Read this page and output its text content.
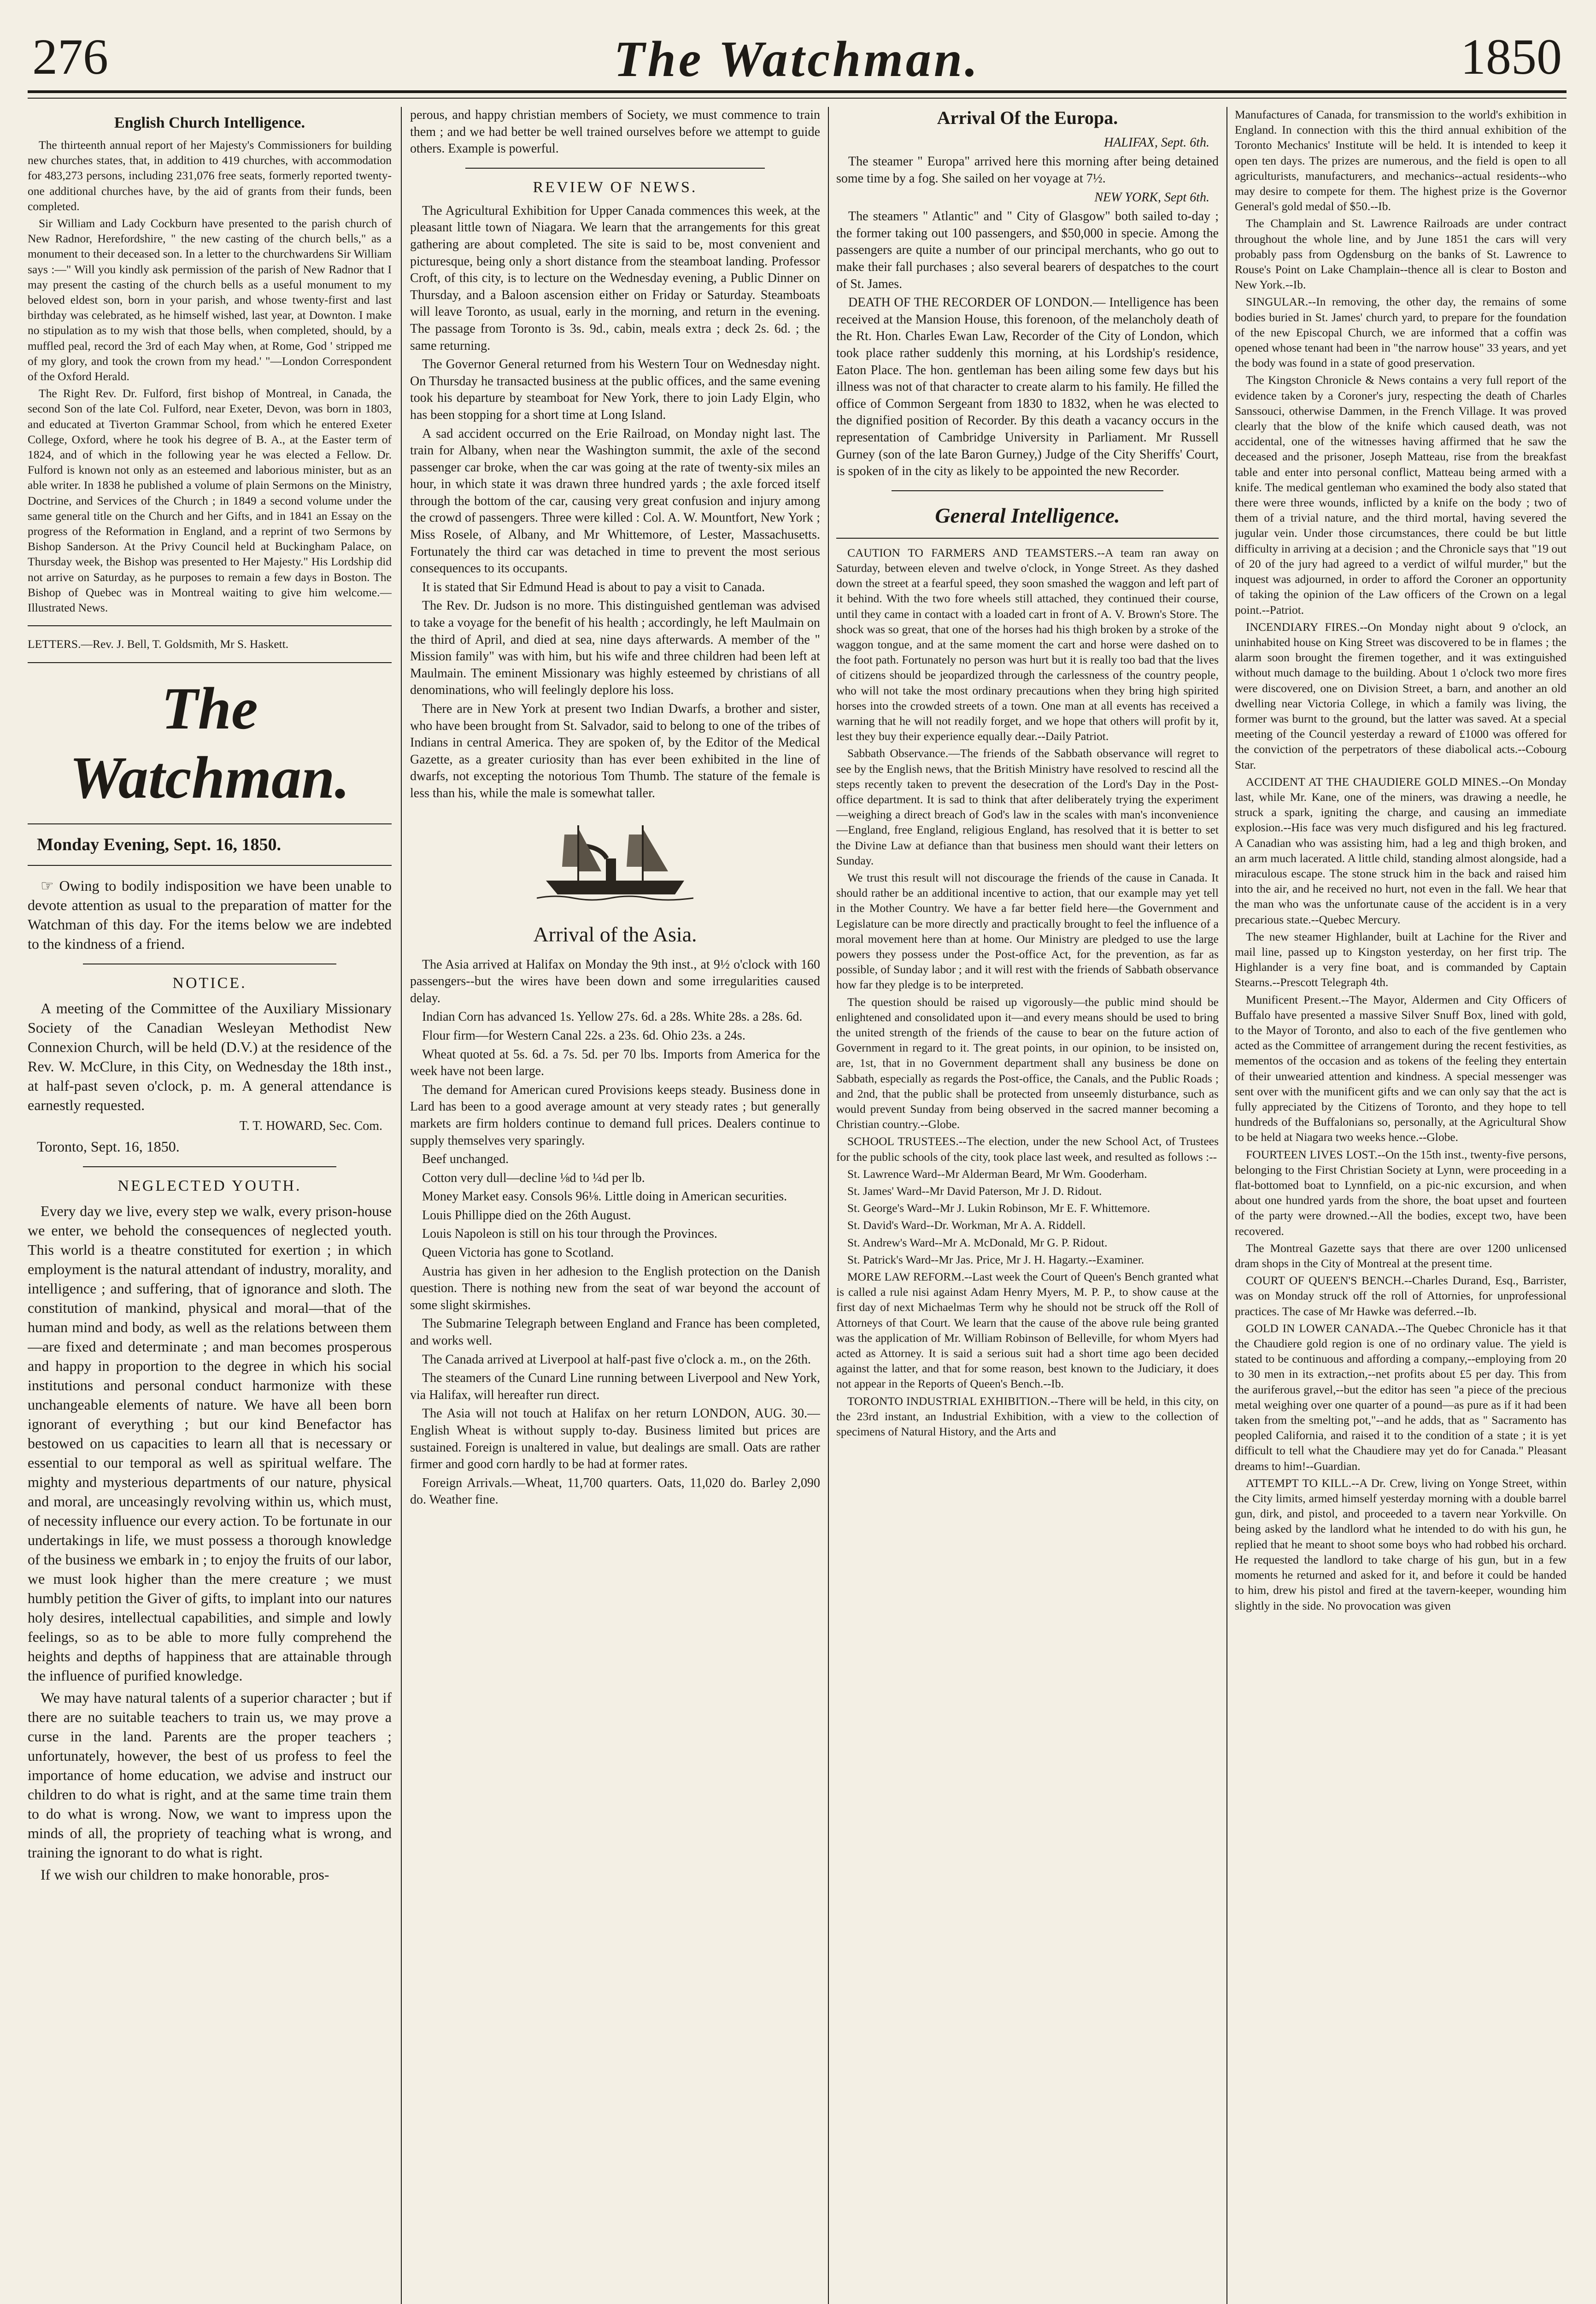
276	The Watchman.	1850
English Church Intelligence.

The thirteenth annual report of her Majesty's Commissioners for building new churches states, that, in addition to 419 churches, with accommodation for 483,273 persons, including 231,076 free seats, formerly reported twenty-one additional churches have, by the aid of grants from their funds, been completed.

Sir William and Lady Cockburn have presented to the parish church of New Radnor, Herefordshire, " the new casting of the church bells," as a monument to their deceased son. In a letter to the churchwardens Sir William says :—" Will you kindly ask permission of the parish of New Radnor that I may present the casting of the church bells as a useful monument to my beloved eldest son, born in your parish, and whose twenty-first and last birthday was celebrated, as he himself wished, last year, at Downton. I make no stipulation as to my wish that those bells, when completed, should, by a muffled peal, record the 3rd of each May when, at Rome, God ' stripped me of my glory, and took the crown from my head.' "—London Correspondent of the Oxford Herald.

The Right Rev. Dr. Fulford, first bishop of Montreal, in Canada, the second Son of the late Col. Fulford, near Exeter, Devon, was born in 1803, and educated at Tiverton Grammar School, from which he entered Exeter College, Oxford, where he took his degree of B. A., at the Easter term of 1824, and of which in the following year he was elected a Fellow. Dr. Fulford is known not only as an esteemed and laborious minister, but as an able writer. In 1838 he published a volume of plain Sermons on the Ministry, Doctrine, and Services of the Church ; in 1849 a second volume under the same general title on the Church and her Gifts, and in 1841 an Essay on the progress of the Reformation in England, and a reprint of two Sermons by Bishop Sanderson. At the Privy Council held at Buckingham Palace, on Thursday week, the Bishop was presented to Her Majesty." His Lordship did not arrive on Saturday, as he purposes to remain a few days in Boston. The Bishop of Quebec was in Montreal waiting to give him welcome.—Illustrated News.

LETTERS.—Rev. J. Bell, T. Goldsmith, Mr S. Haskett.

The Watchman.
Monday Evening, Sept. 16, 1850.

☞ Owing to bodily indisposition we have been unable to devote attention as usual to the preparation of matter for the Watchman of this day. For the items below we are indebted to the kindness of a friend.

NOTICE.

A meeting of the Committee of the Auxiliary Missionary Society of the Canadian Wesleyan Methodist New Connexion Church, will be held (D.V.) at the residence of the Rev. W. McClure, in this City, on Wednesday the 18th inst., at half-past seven o'clock, p. m. A general attendance is earnestly requested.

T. T. HOWARD, Sec. Com.

Toronto, Sept. 16, 1850.

NEGLECTED YOUTH.

Every day we live, every step we walk, every prison-house we enter, we behold the consequences of neglected youth. This world is a theatre constituted for exertion ; in which employment is the natural attendant of industry, morality, and intelligence ; and suffering, that of ignorance and sloth. The constitution of mankind, physical and moral—that of the human mind and body, as well as the relations between them—are fixed and determinate ; and man becomes prosperous and happy in proportion to the degree in which his social institutions and personal conduct harmonize with these unchangeable elements of nature. We have all been born ignorant of everything ; but our kind Benefactor has bestowed on us capacities to learn all that is necessary or essential to our temporal as well as spiritual welfare. The mighty and mysterious departments of our nature, physical and moral, are unceasingly revolving within us, which must, of necessity influence our every action. To be fortunate in our undertakings in life, we must possess a thorough knowledge of the business we embark in ; to enjoy the fruits of our labor, we must look higher than the mere creature ; we must humbly petition the Giver of gifts, to implant into our natures holy desires, intellectual capabilities, and simple and lowly feelings, so as to be able to more fully comprehend the heights and depths of happiness that are attainable through the influence of purified knowledge.

We may have natural talents of a superior character ; but if there are no suitable teachers to train us, we may prove a curse in the land. Parents are the proper teachers ; unfortunately, however, the best of us profess to feel the importance of home education, we advise and instruct our children to do what is right, and at the same time train them to do what is wrong. Now, we want to impress upon the minds of all, the propriety of teaching what is wrong, and training the ignorant to do what is right.

If we wish our children to make honorable, pros-

perous, and happy christian members of Society, we must commence to train them ; and we had better be well trained ourselves before we attempt to guide others. Example is powerful.

REVIEW OF NEWS.

The Agricultural Exhibition for Upper Canada commences this week, at the pleasant little town of Niagara. We learn that the arrangements for this great gathering are about completed. The site is said to be, most convenient and picturesque, being only a short distance from the steamboat landing. Professor Croft, of this city, is to lecture on the Wednesday evening, a Public Dinner on Thursday, and a Baloon ascension either on Friday or Saturday. Steamboats will leave Toronto, as usual, early in the morning, and return in the evening. The passage from Toronto is 3s. 9d., cabin, meals extra ; deck 2s. 6d. ; the same returning.

The Governor General returned from his Western Tour on Wednesday night. On Thursday he transacted business at the public offices, and the same evening took his departure by steamboat for New York, there to join Lady Elgin, who has been stopping for a short time at Long Island.

A sad accident occurred on the Erie Railroad, on Monday night last. The train for Albany, when near the Washington summit, the axle of the second passenger car broke, when the car was going at the rate of twenty-six miles an hour, in which state it was drawn three hundred yards ; the axle forced itself through the bottom of the car, causing very great confusion and injury among the crowd of passengers. Three were killed : Col. A. W. Mountfort, New York ; Miss Rosele, of Albany, and Mr Whittemore, of Lester, Massachusetts. Fortunately the third car was detached in time to prevent the most serious consequences to its occupants.

It is stated that Sir Edmund Head is about to pay a visit to Canada.

The Rev. Dr. Judson is no more. This distinguished gentleman was advised to take a voyage for the benefit of his health ; accordingly, he left Maulmain on the third of April, and died at sea, nine days afterwards. A member of the " Mission family" was with him, but his wife and three children had been left at Maulmain. The eminent Missionary was highly esteemed by christians of all denominations, who will feelingly deplore his loss.

There are in New York at present two Indian Dwarfs, a brother and sister, who have been brought from St. Salvador, said to belong to one of the tribes of Indians in central America. They are spoken of, by the Editor of the Medical Gazette, as a greater curiosity than has ever been exhibited in the line of dwarfs, not excepting the notorious Tom Thumb. The stature of the female is less than his, while the male is somewhat taller.

Arrival of the Asia.

The Asia arrived at Halifax on Monday the 9th inst., at 9½ o'clock with 160 passengers--but the wires have been down and some irregularities caused delay.

Indian Corn has advanced 1s. Yellow 27s. 6d. a 28s. White 28s. a 28s. 6d.

Flour firm—for Western Canal 22s. a 23s. 6d. Ohio 23s. a 24s.

Wheat quoted at 5s. 6d. a 7s. 5d. per 70 lbs. Imports from America for the week have not been large.

The demand for American cured Provisions keeps steady. Business done in Lard has been to a good average amount at very steady rates ; but generally markets are firm holders continue to demand full prices. Dealers continue to supply themselves very sparingly.

Beef unchanged.

Cotton very dull—decline ⅛d to ¼d per lb.

Money Market easy. Consols 96⅛. Little doing in American securities.

Louis Phillippe died on the 26th August.

Louis Napoleon is still on his tour through the Provinces.

Queen Victoria has gone to Scotland.

Austria has given in her adhesion to the English protection on the Danish question. There is nothing new from the seat of war beyond the account of some slight skirmishes.

The Submarine Telegraph between England and France has been completed, and works well.

The Canada arrived at Liverpool at half-past five o'clock a. m., on the 26th.

The steamers of the Cunard Line running between Liverpool and New York, via Halifax, will hereafter run direct.

The Asia will not touch at Halifax on her return LONDON, AUG. 30.—English Wheat is without supply to-day. Business limited but prices are sustained. Foreign is unaltered in value, but dealings are small. Oats are rather firmer and good corn hardly to be had at former rates.

Foreign Arrivals.—Wheat, 11,700 quarters. Oats, 11,020 do. Barley 2,090 do. Weather fine.

Arrival Of the Europa.
HALIFAX, Sept. 6th.

The steamer " Europa" arrived here this morning after being detained some time by a fog. She sailed on her voyage at 7½.

NEW YORK, Sept 6th.

The steamers " Atlantic" and " City of Glasgow" both sailed to-day ; the former taking out 100 passengers, and $50,000 in specie. Among the passengers are quite a number of our principal merchants, who go out to make their fall purchases ; also several bearers of despatches to the court of St. James.

DEATH OF THE RECORDER OF LONDON.— Intelligence has been received at the Mansion House, this forenoon, of the melancholy death of the Rt. Hon. Charles Ewan Law, Recorder of the City of London, which took place rather suddenly this morning, at his Lordship's residence, Eaton Place. The hon. gentleman has been ailing some few days but his illness was not of that character to create alarm to his family. He filled the office of Common Sergeant from 1830 to 1832, when he was elected to the dignified position of Recorder. By this death a vacancy occurs in the representation of Cambridge University in Parliament. Mr Russell Gurney (son of the late Baron Gurney,) Judge of the City Sheriffs' Court, is spoken of in the city as likely to be appointed the new Recorder.

General Intelligence.

CAUTION TO FARMERS AND TEAMSTERS.--A team ran away on Saturday, between eleven and twelve o'clock, in Yonge Street. As they dashed down the street at a fearful speed, they soon smashed the waggon and left part of it behind. With the two fore wheels still attached, they continued their course, until they came in contact with a loaded cart in front of A. V. Brown's Store. The shock was so great, that one of the horses had his thigh broken by a stroke of the waggon tongue, and at the same moment the cart and horse were dashed on to the foot path. Fortunately no person was hurt but it is really too bad that the lives of citizens should be jeopardized through the carlessness of the country people, who will not take the most ordinary precautions when they bring high spirited horses into the crowded streets of a town. One man at all events has received a warning that he will not readily forget, and we hope that others will profit by it, lest they buy their experience equally dear.--Daily Patriot.

Sabbath Observance.—The friends of the Sabbath observance will regret to see by the English news, that the British Ministry have resolved to rescind all the steps recently taken to prevent the desecration of the Lord's Day in the Post-office department. It is sad to think that after deliberately trying the experiment—weighing a direct breach of God's law in the scales with man's inconvenience—England, free England, religious England, has resolved that it is better to set the Divine Law at defiance than that business men should want their letters on Sunday.

We trust this result will not discourage the friends of the cause in Canada. It should rather be an additional incentive to action, that our example may yet tell in the Mother Country. We have a far better field here—the Government and Legislature can be more directly and practically brought to feel the influence of a moral movement here than at home. Our Ministry are pledged to use the large powers they possess under the Post-office Act, for the prevention, as far as possible, of Sunday labor ; and it will rest with the friends of Sabbath observance how far they pledge is to be interpreted.

The question should be raised up vigorously—the public mind should be enlightened and consolidated upon it—and every means should be used to bring the united strength of the friends of the cause to bear on the future action of Government in regard to it. The great points, in our opinion, to be insisted on, are, 1st, that in no Government department shall any business be done on Sabbath, especially as regards the Post-office, the Canals, and the Public Roads ; and 2nd, that the public shall be protected from unseemly disturbance, such as would prevent Sunday from being observed in the sacred manner becoming a Christian country.--Globe.

SCHOOL TRUSTEES.--The election, under the new School Act, of Trustees for the public schools of the city, took place last week, and resulted as follows :--

St. Lawrence Ward--Mr Alderman Beard, Mr Wm. Gooderham.

St. James' Ward--Mr David Paterson, Mr J. D. Ridout.

St. George's Ward--Mr J. Lukin Robinson, Mr E. F. Whittemore.

St. David's Ward--Dr. Workman, Mr A. A. Riddell.

St. Andrew's Ward--Mr A. McDonald, Mr G. P. Ridout.

St. Patrick's Ward--Mr Jas. Price, Mr J. H. Hagarty.--Examiner.

MORE LAW REFORM.--Last week the Court of Queen's Bench granted what is called a rule nisi against Adam Henry Myers, M. P. P., to show cause at the first day of next Michaelmas Term why he should not be struck off the Roll of Attorneys of that Court. We learn that the cause of the above rule being granted was the application of Mr. William Robinson of Belleville, for whom Myers had acted as Attorney. It is said a serious suit had a short time ago been decided against the latter, and that for some reason, best known to the Judiciary, it does not appear in the Reports of Queen's Bench.--Ib.

TORONTO INDUSTRIAL EXHIBITION.--There will be held, in this city, on the 23rd instant, an Industrial Exhibition, with a view to the collection of specimens of Natural History, and the Arts and

Manufactures of Canada, for transmission to the world's exhibition in England. In connection with this the third annual exhibition of the Toronto Mechanics' Institute will be held. It is intended to keep it open ten days. The prizes are numerous, and the field is open to all agriculturists, manufacturers, and mechanics--actual residents--who may desire to compete for them. The highest prize is the Governor General's gold medal of $50.--Ib.

The Champlain and St. Lawrence Railroads are under contract throughout the whole line, and by June 1851 the cars will very probably pass from Ogdensburg on the banks of St. Lawrence to Rouse's Point on Lake Champlain--thence all is clear to Boston and New York.--Ib.

SINGULAR.--In removing, the other day, the remains of some bodies buried in St. James' church yard, to prepare for the foundation of the new Episcopal Church, we are informed that a coffin was opened whose tenant had been in "the narrow house" 33 years, and yet the body was found in a state of good preservation.

The Kingston Chronicle & News contains a very full report of the evidence taken by a Coroner's jury, respecting the death of Charles Sanssouci, otherwise Dammen, in the French Village. It was proved clearly that the blow of the knife which caused death, was not accidental, one of the witnesses having affirmed that he saw the deceased and the prisoner, Joseph Matteau, rise from the breakfast table and enter into personal conflict, Matteau being armed with a knife. The medical gentleman who examined the body also stated that there were three wounds, inflicted by a knife on the body ; two of them of a trivial nature, and the third mortal, having severed the jugular vein. Under those circumstances, there could be but little difficulty in arriving at a decision ; and the Chronicle says that "19 out of 20 of the jury had agreed to a verdict of wilful murder," but the inquest was adjourned, in order to afford the Coroner an opportunity of taking the opinion of the Law officers of the Crown on a legal point.--Patriot.

INCENDIARY FIRES.--On Monday night about 9 o'clock, an uninhabited house on King Street was discovered to be in flames ; the alarm soon brought the firemen together, and it was extinguished without much damage to the building. About 1 o'clock two more fires were discovered, one on Division Street, a barn, and another an old dwelling near Victoria College, in which a family was living, the former was burnt to the ground, but the latter was saved. At a special meeting of the Council yesterday a reward of £1000 was offered for the conviction of the perpetrators of these diabolical acts.--Cobourg Star.

ACCIDENT AT THE CHAUDIERE GOLD MINES.--On Monday last, while Mr. Kane, one of the miners, was drawing a needle, he struck a spark, igniting the charge, and causing an immediate explosion.--His face was very much disfigured and his leg fractured. A Canadian who was assisting him, had a leg and thigh broken, and an arm much lacerated. A little child, standing almost alongside, had a miraculous escape. The stone struck him in the back and raised him into the air, and he received no hurt, not even in the fall. We hear that the man who was the unfortunate cause of the accident is in a very precarious state.--Quebec Mercury.

The new steamer Highlander, built at Lachine for the River and mail line, passed up to Kingston yesterday, on her first trip. The Highlander is a very fine boat, and is commanded by Captain Stearns.--Prescott Telegraph 4th.

Munificent Present.--The Mayor, Aldermen and City Officers of Buffalo have presented a massive Silver Snuff Box, lined with gold, to the Mayor of Toronto, and also to each of the five gentlemen who acted as the Committee of arrangement during the recent festivities, as mementos of the occasion and as tokens of the feeling they entertain of their unwearied attention and kindness. A special messenger was sent over with the munificent gifts and we can only say that the act is fully appreciated by the Citizens of Toronto, and they hope to tell hundreds of the Buffalonians so, personally, at the Agricultural Show to be held at Niagara two weeks hence.--Globe.

FOURTEEN LIVES LOST.--On the 15th inst., twenty-five persons, belonging to the First Christian Society at Lynn, were proceeding in a flat-bottomed boat to Lynnfield, on a pic-nic excursion, and when about one hundred yards from the shore, the boat upset and fourteen of the party were drowned.--All the bodies, except two, have been recovered.

The Montreal Gazette says that there are over 1200 unlicensed dram shops in the City of Montreal at the present time.

COURT OF QUEEN'S BENCH.--Charles Durand, Esq., Barrister, was on Monday struck off the roll of Attornies, for unprofessional practices. The case of Mr Hawke was deferred.--Ib.

GOLD IN LOWER CANADA.--The Quebec Chronicle has it that the Chaudiere gold region is one of no ordinary value. The yield is stated to be continuous and affording a company,--employing from 20 to 30 men in its extraction,--net profits about £5 per day. This from the auriferous gravel,--but the editor has seen "a piece of the precious metal weighing over one quarter of a pound—as pure as if it had been taken from the smelting pot,"--and he adds, that as " Sacramento has peopled California, and raised it to the condition of a state ; it is yet difficult to tell what the Chaudiere may yet do for Canada." Pleasant dreams to him!--Guardian.

ATTEMPT TO KILL.--A Dr. Crew, living on Yonge Street, within the City limits, armed himself yesterday morning with a double barrel gun, dirk, and pistol, and proceeded to a tavern near Yorkville. On being asked by the landlord what he intended to do with his gun, he replied that he meant to shoot some boys who had robbed his orchard. He requested the landlord to take charge of his gun, but in a few moments he returned and asked for it, and before it could be handed to him, drew his pistol and fired at the tavern-keeper, wounding him slightly in the side. No provocation was given
